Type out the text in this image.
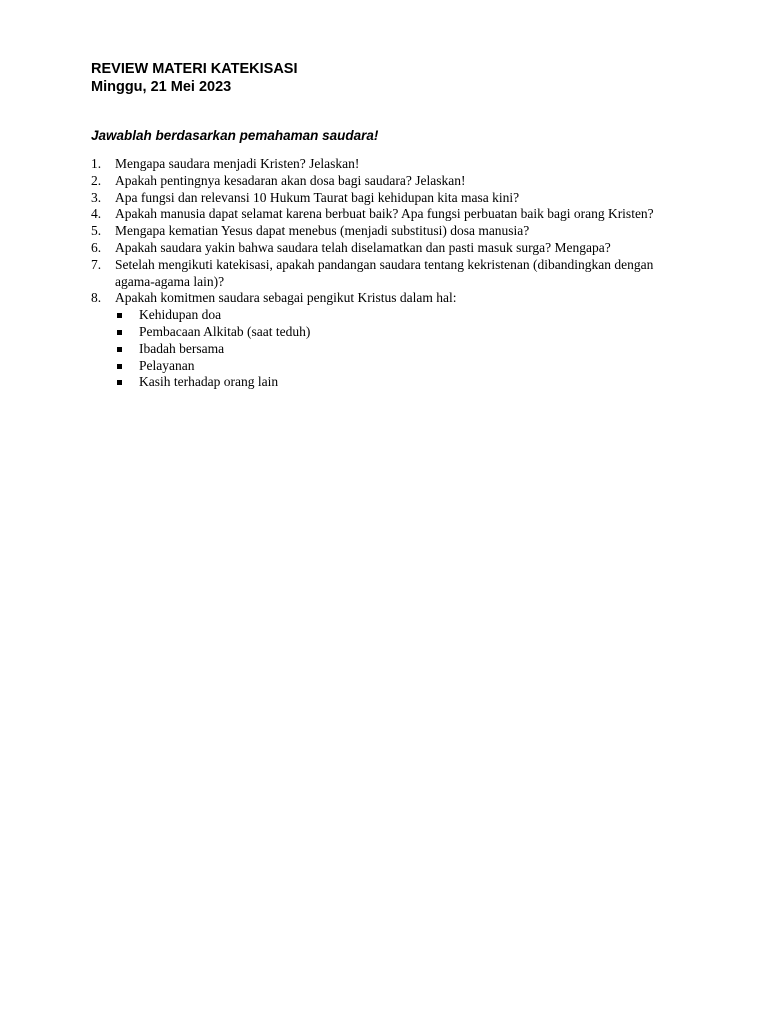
REVIEW MATERI KATEKISASI
Minggu, 21 Mei 2023
Jawablah berdasarkan pemahaman saudara!
1.	Mengapa saudara menjadi Kristen? Jelaskan!
2.	Apakah pentingnya kesadaran akan dosa bagi saudara? Jelaskan!
3.	Apa fungsi dan relevansi 10 Hukum Taurat bagi kehidupan kita masa kini?
4.	Apakah manusia dapat selamat karena berbuat baik? Apa fungsi perbuatan baik bagi orang Kristen?
5.	Mengapa kematian Yesus dapat menebus (menjadi substitusi) dosa manusia?
6.	Apakah saudara yakin bahwa saudara telah diselamatkan dan pasti masuk surga? Mengapa?
7.	Setelah mengikuti katekisasi, apakah pandangan saudara tentang kekristenan (dibandingkan dengan agama-agama lain)?
8.	Apakah komitmen saudara sebagai pengikut Kristus dalam hal:
Kehidupan doa
Pembacaan Alkitab (saat teduh)
Ibadah bersama
Pelayanan
Kasih terhadap orang lain
